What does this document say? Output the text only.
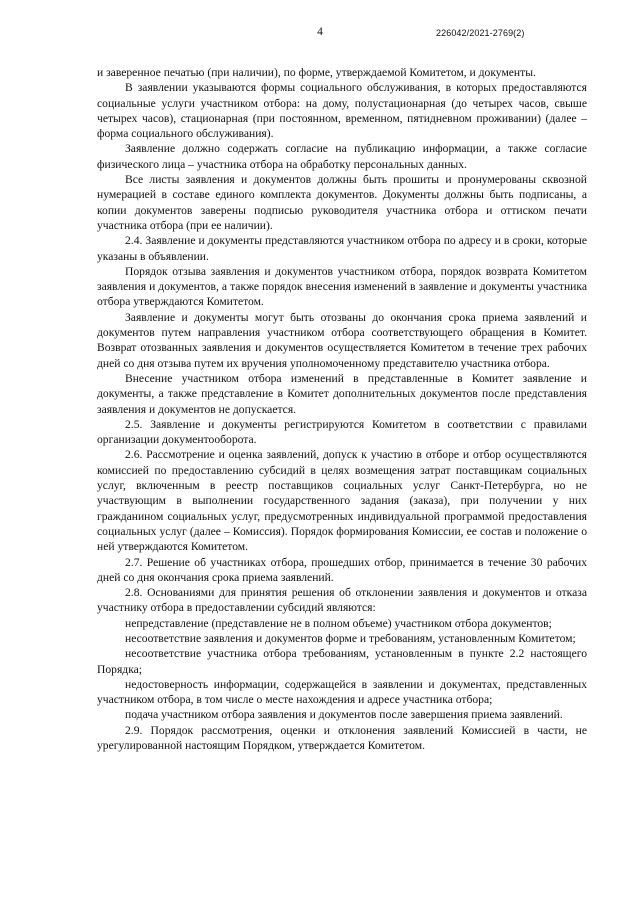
4	226042/2021-2769(2)

и заверенное печатью (при наличии), по форме, утверждаемой Комитетом, и документы.

В заявлении указываются формы социального обслуживания, в которых предоставляются социальные услуги участником отбора: на дому, полустационарная (до четырех часов, свыше четырех часов), стационарная (при постоянном, временном, пятидневном проживании) (далее – форма социального обслуживания).

Заявление должно содержать согласие на публикацию информации, а также согласие физического лица – участника отбора на обработку персональных данных.

Все листы заявления и документов должны быть прошиты и пронумерованы сквозной нумерацией в составе единого комплекта документов. Документы должны быть подписаны, а копии документов заверены подписью руководителя участника отбора и оттиском печати участника отбора (при ее наличии).

2.4. Заявление и документы представляются участником отбора по адресу и в сроки, которые указаны в объявлении.

Порядок отзыва заявления и документов участником отбора, порядок возврата Комитетом заявления и документов, а также порядок внесения изменений в заявление и документы участника отбора утверждаются Комитетом.

Заявление и документы могут быть отозваны до окончания срока приема заявлений и документов путем направления участником отбора соответствующего обращения в Комитет. Возврат отозванных заявления и документов осуществляется Комитетом в течение трех рабочих дней со дня отзыва путем их вручения уполномоченному представителю участника отбора.

Внесение участником отбора изменений в представленные в Комитет заявление и документы, а также представление в Комитет дополнительных документов после представления заявления и документов не допускается.

2.5. Заявление и документы регистрируются Комитетом в соответствии с правилами организации документооборота.

2.6. Рассмотрение и оценка заявлений, допуск к участию в отборе и отбор осуществляются комиссией по предоставлению субсидий в целях возмещения затрат поставщикам социальных услуг, включенным в реестр поставщиков социальных услуг Санкт-Петербурга, но не участвующим в выполнении государственного задания (заказа), при получении у них гражданином социальных услуг, предусмотренных индивидуальной программой предоставления социальных услуг (далее – Комиссия). Порядок формирования Комиссии, ее состав и положение о ней утверждаются Комитетом.

2.7. Решение об участниках отбора, прошедших отбор, принимается в течение 30 рабочих дней со дня окончания срока приема заявлений.

2.8. Основаниями для принятия решения об отклонении заявления и документов и отказа участнику отбора в предоставлении субсидий являются:

непредставление (представление не в полном объеме) участником отбора документов;

несоответствие заявления и документов форме и требованиям, установленным Комитетом;

несоответствие участника отбора требованиям, установленным в пункте 2.2 настоящего Порядка;

недостоверность информации, содержащейся в заявлении и документах, представленных участником отбора, в том числе о месте нахождения и адресе участника отбора;

подача участником отбора заявления и документов после завершения приема заявлений.

2.9. Порядок рассмотрения, оценки и отклонения заявлений Комиссией в части, не урегулированной настоящим Порядком, утверждается Комитетом.
